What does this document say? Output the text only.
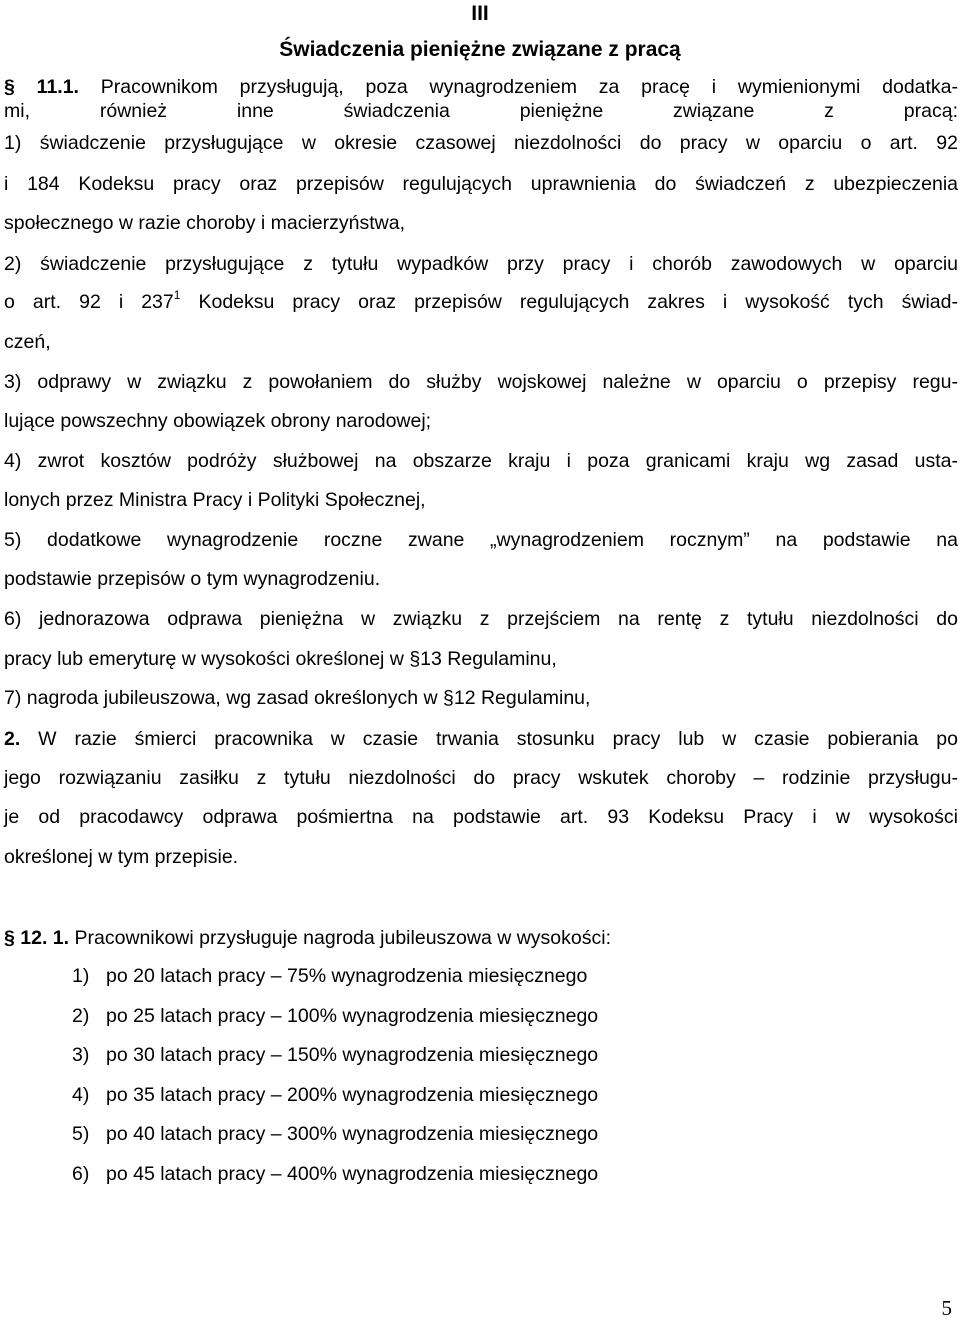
III
Świadczenia pieniężne związane z pracą
§ 11.1. Pracownikom przysługują, poza wynagrodzeniem za pracę i wymienionymi dodatka-
mi, również inne świadczenia pieniężne związane z pracą:
1) świadczenie przysługujące w okresie czasowej niezdolności do pracy w oparciu o art. 92
i 184 Kodeksu pracy oraz przepisów regulujących uprawnienia do świadczeń z ubezpieczenia
społecznego w razie choroby i macierzyństwa,
2) świadczenie przysługujące z tytułu wypadków przy pracy i chorób zawodowych w oparciu
o art. 92 i $237^1$ Kodeksu pracy oraz przepisów regulujących zakres i wysokość tych świad-
czeń,
3) odprawy w związku z powołaniem do służby wojskowej należne w oparciu o przepisy regu-
lujące powszechny obowiązek obrony narodowej;
4) zwrot kosztów podróży służbowej na obszarze kraju i poza granicami kraju wg zasad usta-
lonych przez Ministra Pracy i Polityki Społecznej,
5) dodatkowe wynagrodzenie roczne zwane „wynagrodzeniem rocznym” na podstawie na
podstawie przepisów o tym wynagrodzeniu.
6) jednorazowa odprawa pieniężna w związku z przejściem na rentę z tytułu niezdolności do
pracy lub emeryturę w wysokości określonej w §13 Regulaminu,
7) nagroda jubileuszowa, wg zasad określonych w §12 Regulaminu,
2. W razie śmierci pracownika w czasie trwania stosunku pracy lub w czasie pobierania po
jego rozwiązaniu zasiłku z tytułu niezdolności do pracy wskutek choroby – rodzinie przysługu-
je od pracodawcy odprawa pośmiertna na podstawie art. 93 Kodeksu Pracy i w wysokości
określonej w tym przepisie.
§ 12. 1. Pracownikowi przysługuje nagroda jubileuszowa w wysokości:
1) po 20 latach pracy – 75% wynagrodzenia miesięcznego
2) po 25 latach pracy – 100% wynagrodzenia miesięcznego
3) po 30 latach pracy – 150% wynagrodzenia miesięcznego
4) po 35 latach pracy – 200% wynagrodzenia miesięcznego
5) po 40 latach pracy – 300% wynagrodzenia miesięcznego
6) po 45 latach pracy – 400% wynagrodzenia miesięcznego
5
